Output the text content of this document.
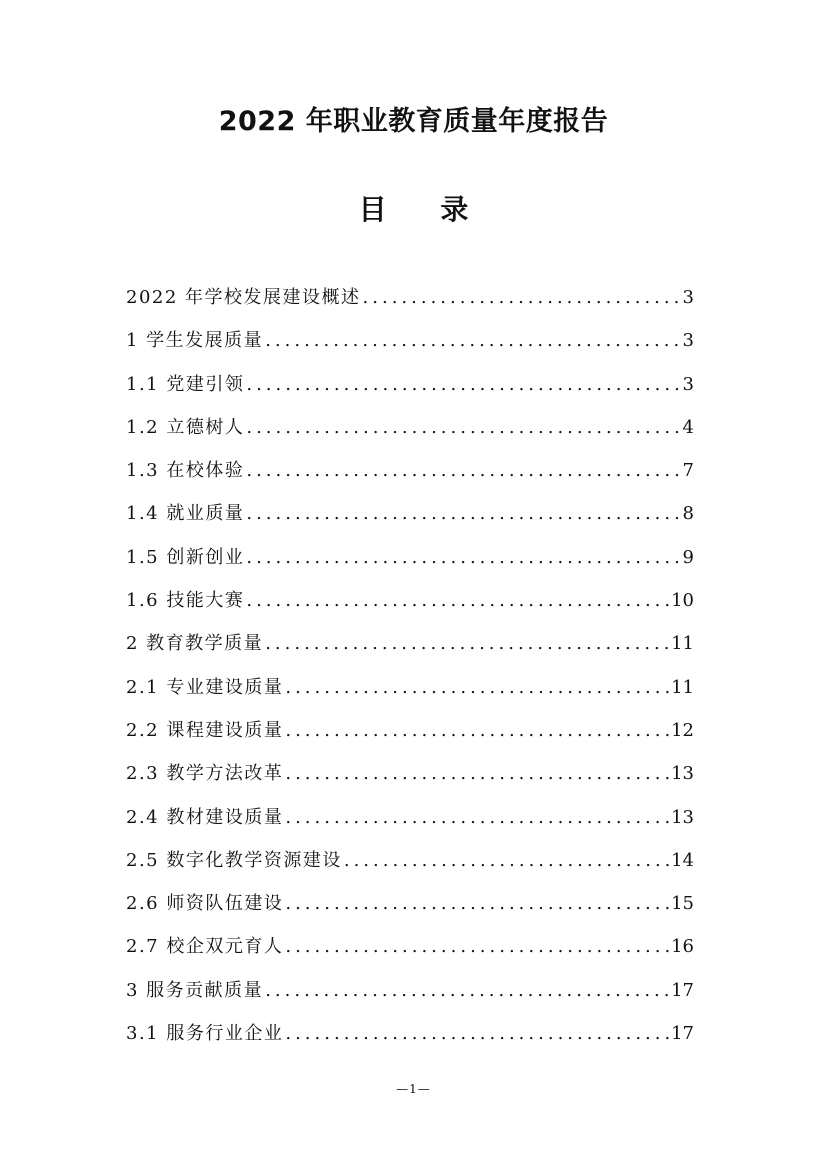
2022 年职业教育质量年度报告
目 录
2022 年学校发展建设概述 .....	3
1 学生发展质量 .....	3
1.1 党建引领 .....	3
1.2 立德树人 .....	4
1.3 在校体验 .....	7
1.4 就业质量 .....	8
1.5 创新创业 .....	9
1.6 技能大赛 .....	10
2 教育教学质量 .....	11
2.1 专业建设质量 .....	11
2.2 课程建设质量 .....	12
2.3 教学方法改革 .....	13
2.4 教材建设质量 .....	13
2.5 数字化教学资源建设 .....	14
2.6 师资队伍建设 .....	15
2.7 校企双元育人 .....	16
3 服务贡献质量 .....	17
3.1 服务行业企业 .....	17
—1—
